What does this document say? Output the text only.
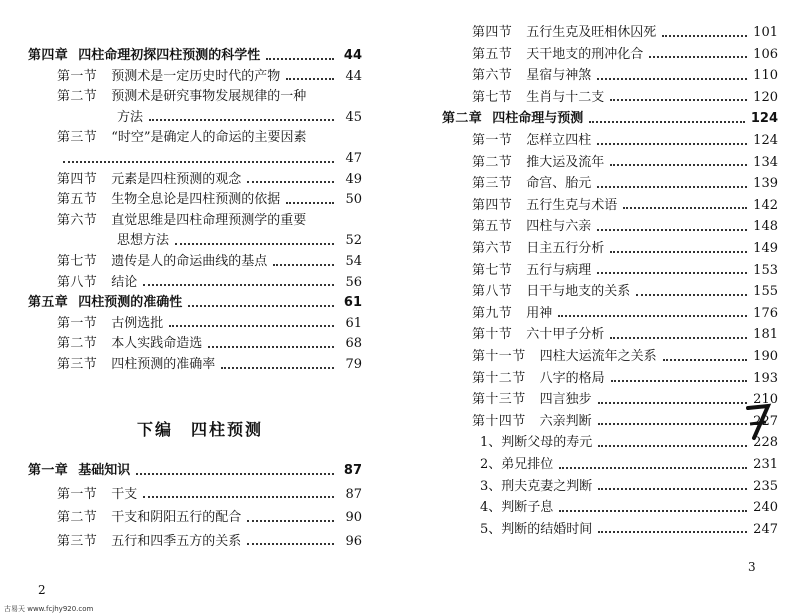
第四章 四柱命理初探四柱预测的科学性	44
第一节 预测术是一定历史时代的产物	44
第二节 预测术是研究事物发展规律的一种
方法	45
第三节 “时空”是确定人的命运的主要因素
47
第四节 元素是四柱预测的观念	49
第五节 生物全息论是四柱预测的依据	50
第六节 直觉思维是四柱命理预测学的重要
思想方法	52
第七节 遗传是人的命运曲线的基点	54
第八节 结论	56
第五章 四柱预测的准确性	61
第一节 古例选批	61
第二节 本人实践命造选	68
第三节 四柱预测的准确率	79
第一章 基础知识	87
第一节 干支	87
第二节 干支和阴阳五行的配合	90
第三节 五行和四季五方的关系	96
第四节 五行生克及旺相休囚死	101
第五节 天干地支的刑冲化合	106
第六节 星宿与神煞	110
第七节 生肖与十二支	120
第二章 四柱命理与预测	124
第一节 怎样立四柱	124
第二节 推大运及流年	134
第三节 命宫、胎元	139
第四节 五行生克与术语	142
第五节 四柱与六亲	148
第六节 日主五行分析	149
第七节 五行与病理	153
第八节 日干与地支的关系	155
第九节 用神	176
第十节 六十甲子分析	181
第十一节 四柱大运流年之关系	190
第十二节 八字的格局	193
第十三节 四言独步	210
第十四节 六亲判断	227
1、判断父母的寿元	228
2、弟兄排位	231
3、刑夫克妻之判断	235
4、判断子息	240
5、判断的结婚时间	247
下编　四柱预测
2
3
古易天 www.fcjhy920.com
